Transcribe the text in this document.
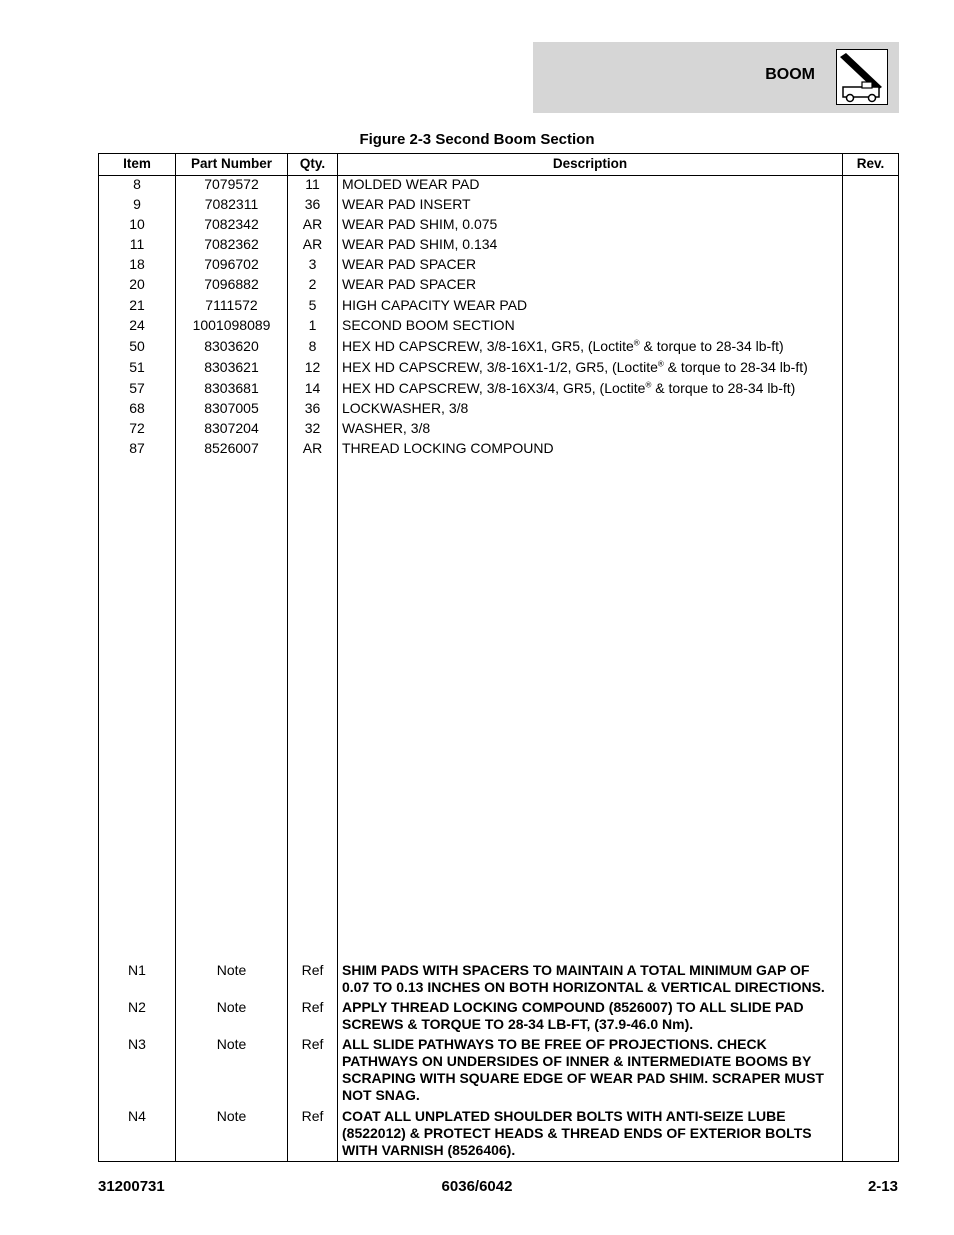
BOOM
Figure 2-3 Second Boom Section
Item	Part Number	Qty.	Description	Rev.
8	7079572	11	MOLDED WEAR PAD
9	7082311	36	WEAR PAD INSERT
10	7082342	AR	WEAR PAD SHIM, 0.075
11	7082362	AR	WEAR PAD SHIM, 0.134
18	7096702	3	WEAR PAD SPACER
20	7096882	2	WEAR PAD SPACER
21	7111572	5	HIGH CAPACITY WEAR PAD
24	1001098089	1	SECOND BOOM SECTION
50	8303620	8	HEX HD CAPSCREW, 3/8-16X1, GR5, (Loctite® & torque to 28-34 lb-ft)
51	8303621	12	HEX HD CAPSCREW, 3/8-16X1-1/2, GR5, (Loctite® & torque to 28-34 lb-ft)
57	8303681	14	HEX HD CAPSCREW, 3/8-16X3/4, GR5, (Loctite® & torque to 28-34 lb-ft)
68	8307005	36	LOCKWASHER, 3/8
72	8307204	32	WASHER, 3/8
87	8526007	AR	THREAD LOCKING COMPOUND
N1	Note	Ref	SHIM PADS WITH SPACERS TO MAINTAIN A TOTAL MINIMUM GAP OF 0.07 TO 0.13 INCHES ON BOTH HORIZONTAL & VERTICAL DIRECTIONS.
N2	Note	Ref	APPLY THREAD LOCKING COMPOUND (8526007) TO ALL SLIDE PAD SCREWS & TORQUE TO 28-34 LB-FT, (37.9-46.0 Nm).
N3	Note	Ref	ALL SLIDE PATHWAYS TO BE FREE OF PROJECTIONS. CHECK PATHWAYS ON UNDERSIDES OF INNER & INTERMEDIATE BOOMS BY SCRAPING WITH SQUARE EDGE OF WEAR PAD SHIM. SCRAPER MUST NOT SNAG.
N4	Note	Ref	COAT ALL UNPLATED SHOULDER BOLTS WITH ANTI-SEIZE LUBE (8522012) & PROTECT HEADS & THREAD ENDS OF EXTERIOR BOLTS WITH VARNISH (8526406).
31200731	6036/6042	2-13
